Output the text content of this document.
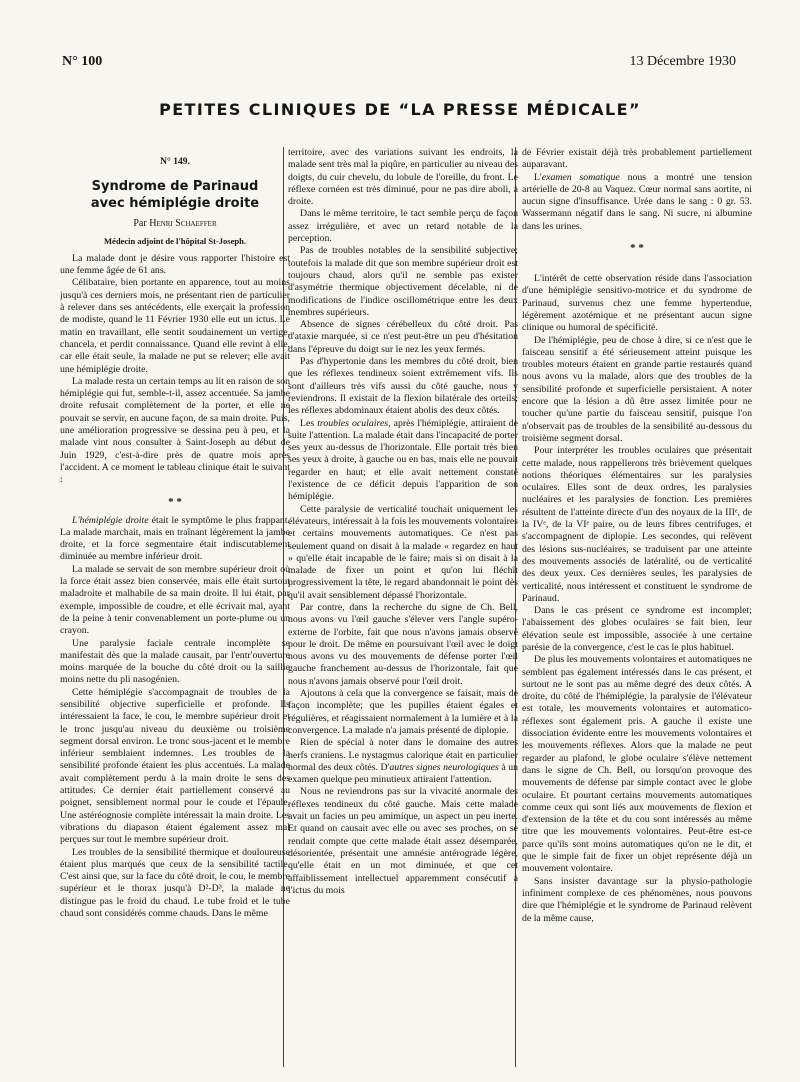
N° 100	13 Décembre 1930
PETITES CLINIQUES DE “LA PRESSE MÉDICALE”
N° 149.
Syndrome de Parinaud
avec hémiplégie droite
Par Henri Schaeffer
Médecin adjoint de l'hôpital St-Joseph.

La malade dont je désire vous rapporter l'histoire est une femme âgée de 61 ans.

Célibataire, bien portante en apparence, tout au moins jusqu'à ces derniers mois, ne présentant rien de particulier à relever dans ses antécédents, elle exerçait la profession de modiste, quand le 11 Février 1930 elle eut un ictus. Le matin en travaillant, elle sentit soudainement un vertige, chancela, et perdit connaissance. Quand elle revint à elle, car elle était seule, la malade ne put se relever; elle avait une hémiplégie droite.

La malade resta un certain temps au lit en raison de son hémiplégie qui fut, semble-t-il, assez accentuée. Sa jambe droite refusait complètement de la porter, et elle ne pouvait se servir, en aucune façon, de sa main droite. Puis, une amélioration progressive se dessina peu à peu, et la malade vint nous consulter à Saint-Joseph au début de Juin 1929, c'est-à-dire près de quatre mois après l'accident. A ce moment le tableau clinique était le suivant :

* *

L'hémiplégie droite était le symptôme le plus frappant. La malade marchait, mais en traînant légèrement la jambe droite, et la force segmentaire était indiscutablement diminuée au membre inférieur droit.

La malade se servait de son membre supérieur droit où la force était assez bien conservée, mais elle était surtout maladroite et malhabile de sa main droite. Il lui était, par exemple, impossible de coudre, et elle écrivait mal, ayant de la peine à tenir convenablement un porte-plume ou un crayon.

Une paralysie faciale centrale incomplète se manifestait dès que la malade causait, par l'entr'ouverture moins marquée de la bouche du côté droit ou la saillie moins nette du pli nasogénien.

Cette hémiplégie s'accompagnait de troubles de la sensibilité objective superficielle et profonde. Ils intéressaient la face, le cou, le membre supérieur droit et le tronc jusqu'au niveau du deuxième ou troisième segment dorsal environ. Le tronc sous-jacent et le membre inférieur semblaient indemnes. Les troubles de la sensibilité profonde étaient les plus accentués. La malade avait complètement perdu à la main droite le sens des attitudes. Ce dernier était partiellement conservé au poignet, sensiblement normal pour le coude et l'épaule. Une astéréognosie complète intéressait la main droite. Les vibrations du diapason étaient également assez mal perçues sur tout le membre supérieur droit.

Les troubles de la sensibilité thermique et douloureuse étaient plus marqués que ceux de la sensibilité tactile. C'est ainsi que, sur la face du côté droit, le cou, le membre supérieur et le thorax jusqu'à D²-D³, la malade ne distingue pas le froid du chaud. Le tube froid et le tube chaud sont considérés comme chauds. Dans le même

territoire, avec des variations suivant les endroits, la malade sent très mal la piqûre, en particulier au niveau des doigts, du cuir chevelu, du lobule de l'oreille, du front. Le réflexe cornéen est très diminué, pour ne pas dire aboli, à droite.

Dans le même territoire, le tact semble perçu de façon assez irrégulière, et avec un retard notable de la perception.

Pas de troubles notables de la sensibilité subjective; toutefois la malade dit que son membre supérieur droit est toujours chaud, alors qu'il ne semble pas exister d'asymétrie thermique objectivement décelable, ni de modifications de l'indice oscillométrique entre les deux membres supérieurs.

Absence de signes cérébelleux du côté droit. Pas d'ataxie marquée, si ce n'est peut-être un peu d'hésitation dans l'épreuve du doigt sur le nez les yeux fermés.

Pas d'hypertonie dans les membres du côté droit, bien que les réflexes tendineux soient extrêmement vifs. Ils sont d'ailleurs très vifs aussi du côté gauche, nous y reviendrons. Il existait de la flexion bilatérale des orteils; les réflexes abdominaux étaient abolis des deux côtés.

Les troubles oculaires, après l'hémiplégie, attiraient de suite l'attention. La malade était dans l'incapacité de porter ses yeux au-dessus de l'horizontale. Elle portait très bien ses yeux à droite, à gauche ou en bas, mais elle ne pouvait regarder en haut; et elle avait nettement constaté l'existence de ce déficit depuis l'apparition de son hémiplégie.

Cette paralysie de verticalité touchait uniquement les élévateurs, intéressait à la fois les mouvements volontaires et certains mouvements automatiques. Ce n'est pas seulement quand on disait à la malade « regardez en haut » qu'elle était incapable de le faire; mais si on disait à la malade de fixer un point et qu'on lui fléchît progressivement la tête, le regard abandonnait le point dès qu'il avait sensiblement dépassé l'horizontale.

Par contre, dans la recherche du signe de Ch. Bell, nous avons vu l'œil gauche s'élever vers l'angle supéro-externe de l'orbite, fait que nous n'avons jamais observé pour le droit. De même en poursuivant l'œil avec le doigt nous avons vu des mouvements de défense porter l'œil gauche franchement au-dessus de l'horizontale, fait que nous n'avons jamais observé pour l'œil droit.

Ajoutons à cela que la convergence se faisait, mais de façon incomplète; que les pupilles étaient égales et régulières, et réagissaient normalement à la lumière et à la convergence. La malade n'a jamais présenté de diplopie.

Rien de spécial à noter dans le domaine des autres nerfs craniens. Le nystagmus calorique était en particulier normal des deux côtés. D'autres signes neurologiques à un examen quelque peu minutieux attiraient l'attention.

Nous ne reviendrons pas sur la vivacité anormale des réflexes tendineux du côté gauche. Mais cette malade avait un facies un peu amimique, un aspect un peu inerte. Et quand on causait avec elle ou avec ses proches, on se rendait compte que cette malade était assez désemparée, désorientée, présentait une amnésie antérograde légère, qu'elle était en un mot diminuée, et que cet affaiblissement intellectuel apparemment consécutif à l'ictus du mois

de Février existait déjà très probablement partiellement auparavant.

L'examen somatique nous a montré une tension artérielle de 20-8 au Vaquez. Cœur normal sans aortite, ni aucun signe d'insuffisance. Urée dans le sang : 0 gr. 53. Wassermann négatif dans le sang. Ni sucre, ni albumine dans les urines.

* *

L'intérêt de cette observation réside dans l'association d'une hémiplégie sensitivo-motrice et du syndrome de Parinaud, survenus chez une femme hypertendue, légèrement azotémique et ne présentant aucun signe clinique ou humoral de spécificité.

De l'hémiplégie, peu de chose à dire, si ce n'est que le faisceau sensitif a été sérieusement atteint puisque les troubles moteurs étaient en grande partie restaurés quand nous avons vu la malade, alors que des troubles de la sensibilité profonde et superficielle persistaient. A noter encore que la lésion a dû être assez limitée pour ne toucher qu'une partie du faisceau sensitif, puisque l'on n'observait pas de troubles de la sensibilité au-dessous du troisième segment dorsal.

Pour interpréter les troubles oculaires que présentait cette malade, nous rappellerons très brièvement quelques notions théoriques élémentaires sur les paralysies oculaires. Elles sont de deux ordres, les paralysies nucléaires et les paralysies de fonction. Les premières résultent de l'atteinte directe d'un des noyaux de la IIIᵉ, de la IVᵉ, de la VIᵉ paire, ou de leurs fibres centrifuges, et s'accompagnent de diplopie. Les secondes, qui relèvent des lésions sus-nucléaires, se traduisent par une atteinte des mouvements associés de latéralité, ou de verticalité des deux yeux. Ces dernières seules, les paralysies de verticalité, nous intéressent et constituent le syndrome de Parinaud.

Dans le cas présent ce syndrome est incomplet; l'abaissement des globes oculaires se fait bien, leur élévation seule est impossible, associée à une certaine parésie de la convergence, c'est le cas le plus habituel.

De plus les mouvements volontaires et automatiques ne semblent pas également intéressés dans le cas présent, et surtout ne le sont pas au même degré des deux côtés. A droite, du côté de l'hémiplégie, la paralysie de l'élévateur est totale, les mouvements volontaires et automatico-réflexes sont également pris. A gauche il existe une dissociation évidente entre les mouvements volontaires et les mouvements réflexes. Alors que la malade ne peut regarder au plafond, le globe oculaire s'élève nettement dans le signe de Ch. Bell, ou lorsqu'on provoque des mouvements de défense par simple contact avec le globe oculaire. Et pourtant certains mouvements automatiques comme ceux qui sont liés aux mouvements de flexion et d'extension de la tête et du cou sont intéressés au même titre que les mouvements volontaires. Peut-être est-ce parce qu'ils sont moins automatiques qu'on ne le dit, et que le simple fait de fixer un objet représente déjà un mouvement volontaire.

Sans insister davantage sur la physio-pathologie infiniment complexe de ces phénomènes, nous pouvons dire que l'hémiplégie et le syndrome de Parinaud relèvent de la même cause,
